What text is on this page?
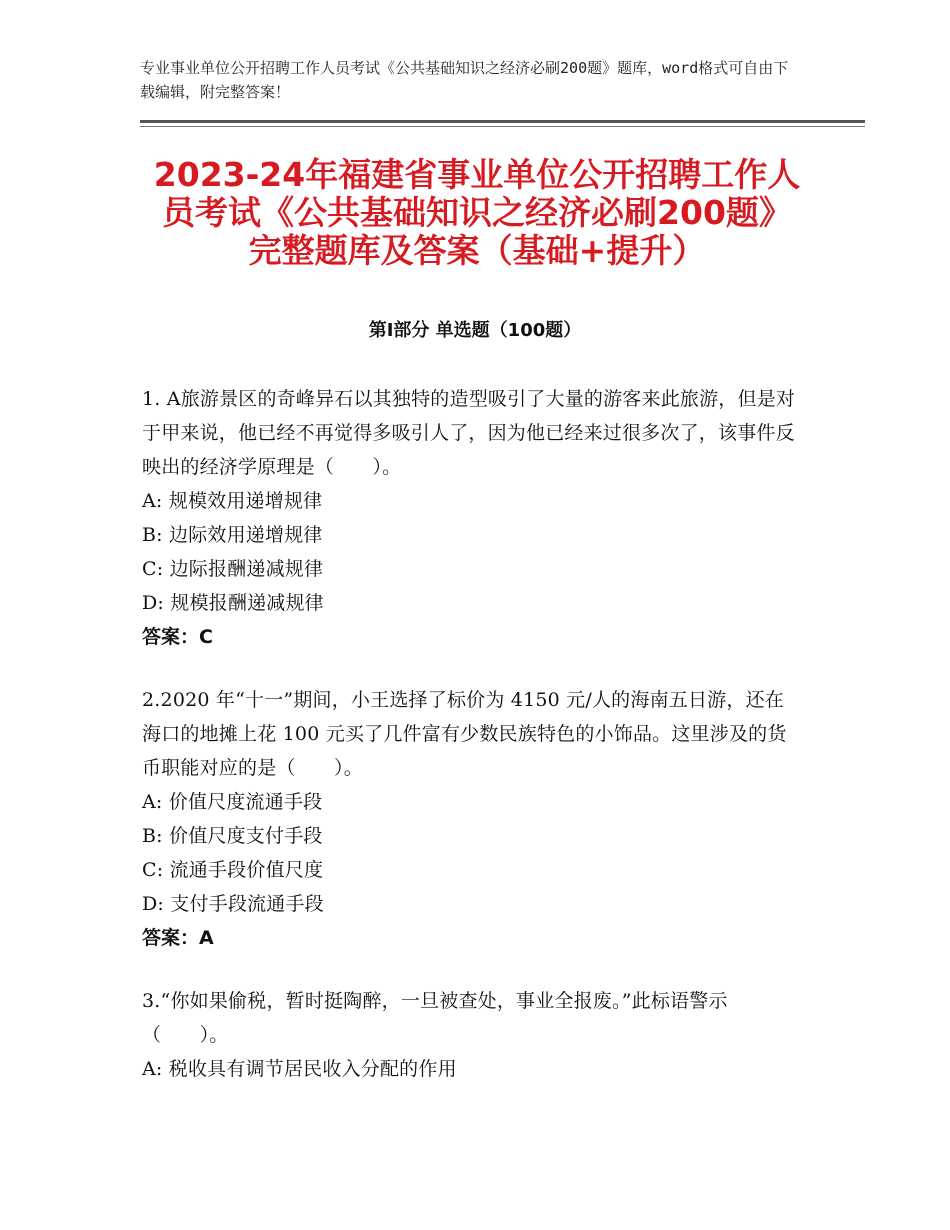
专业事业单位公开招聘工作人员考试《公共基础知识之经济必刷200题》题库，word格式可自由下载编辑，附完整答案！
2023-24年福建省事业单位公开招聘工作人
员考试《公共基础知识之经济必刷200题》
完整题库及答案（基础+提升）
第Ⅰ部分 单选题（100题）

1. A旅游景区的奇峰异石以其独特的造型吸引了大量的游客来此旅游，但是对于甲来说，他已经不再觉得多吸引人了，因为他已经来过很多次了，该事件反映出的经济学原理是（　　）。

A: 规模效用递增规律

B: 边际效用递增规律

C: 边际报酬递减规律

D: 规模报酬递减规律

答案：C

2.2020 年“十一”期间，小王选择了标价为 4150 元/人的海南五日游，还在海口的地摊上花 100 元买了几件富有少数民族特色的小饰品。这里涉及的货币职能对应的是（　　）。

A: 价值尺度流通手段

B: 价值尺度支付手段

C: 流通手段价值尺度

D: 支付手段流通手段

答案：A

3.“你如果偷税，暂时挺陶醉，一旦被查处，事业全报废。”此标语警示（　　）。

A: 税收具有调节居民收入分配的作用
